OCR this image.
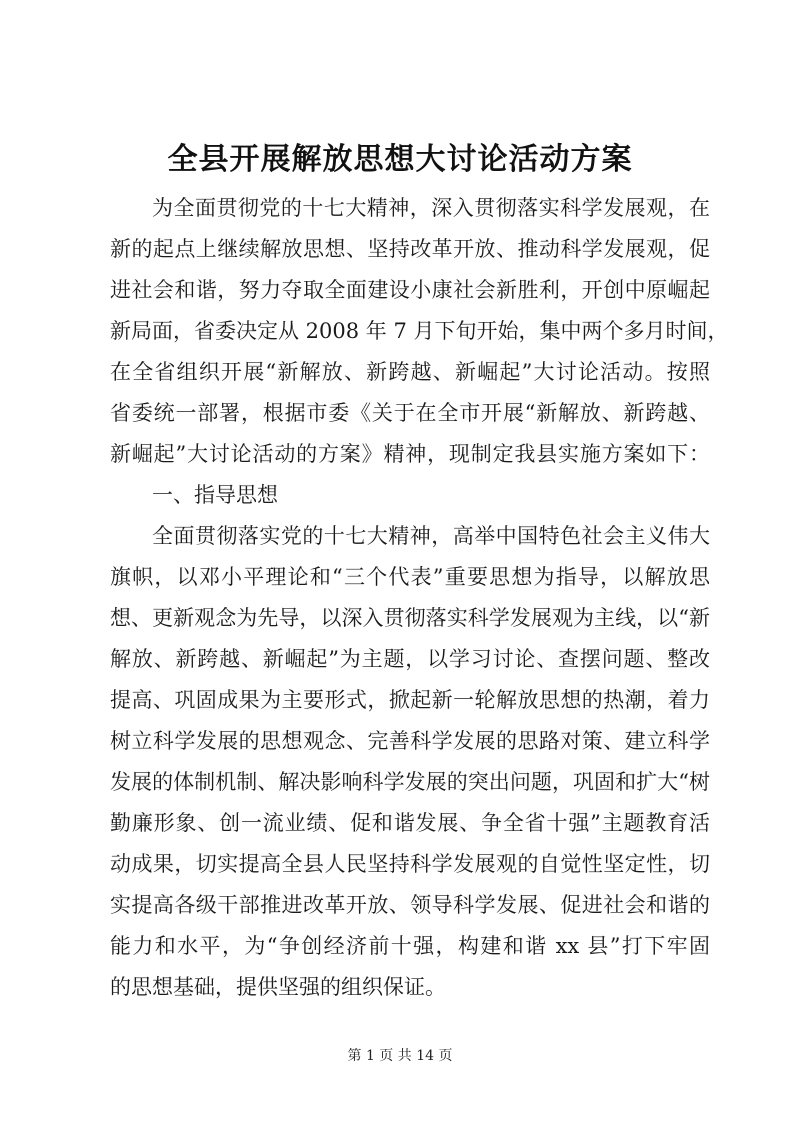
全县开展解放思想大讨论活动方案
为全面贯彻党的十七大精神，深入贯彻落实科学发展观，在
新的起点上继续解放思想、坚持改革开放、推动科学发展观，促
进社会和谐，努力夺取全面建设小康社会新胜利，开创中原崛起
新局面，省委决定从 2008 年 7 月下旬开始，集中两个多月时间，
在全省组织开展“新解放、新跨越、新崛起”大讨论活动。按照
省委统一部署，根据市委《关于在全市开展“新解放、新跨越、
新崛起”大讨论活动的方案》精神，现制定我县实施方案如下：
一、指导思想
全面贯彻落实党的十七大精神，高举中国特色社会主义伟大
旗帜，以邓小平理论和“三个代表”重要思想为指导，以解放思
想、更新观念为先导，以深入贯彻落实科学发展观为主线，以“新
解放、新跨越、新崛起”为主题，以学习讨论、查摆问题、整改
提高、巩固成果为主要形式，掀起新一轮解放思想的热潮，着力
树立科学发展的思想观念、完善科学发展的思路对策、建立科学
发展的体制机制、解决影响科学发展的突出问题，巩固和扩大“树
勤廉形象、创一流业绩、促和谐发展、争全省十强”主题教育活
动成果，切实提高全县人民坚持科学发展观的自觉性坚定性，切
实提高各级干部推进改革开放、领导科学发展、促进社会和谐的
能力和水平，为“争创经济前十强，构建和谐 xx 县”打下牢固
的思想基础，提供坚强的组织保证。
第 1 页 共 14 页
